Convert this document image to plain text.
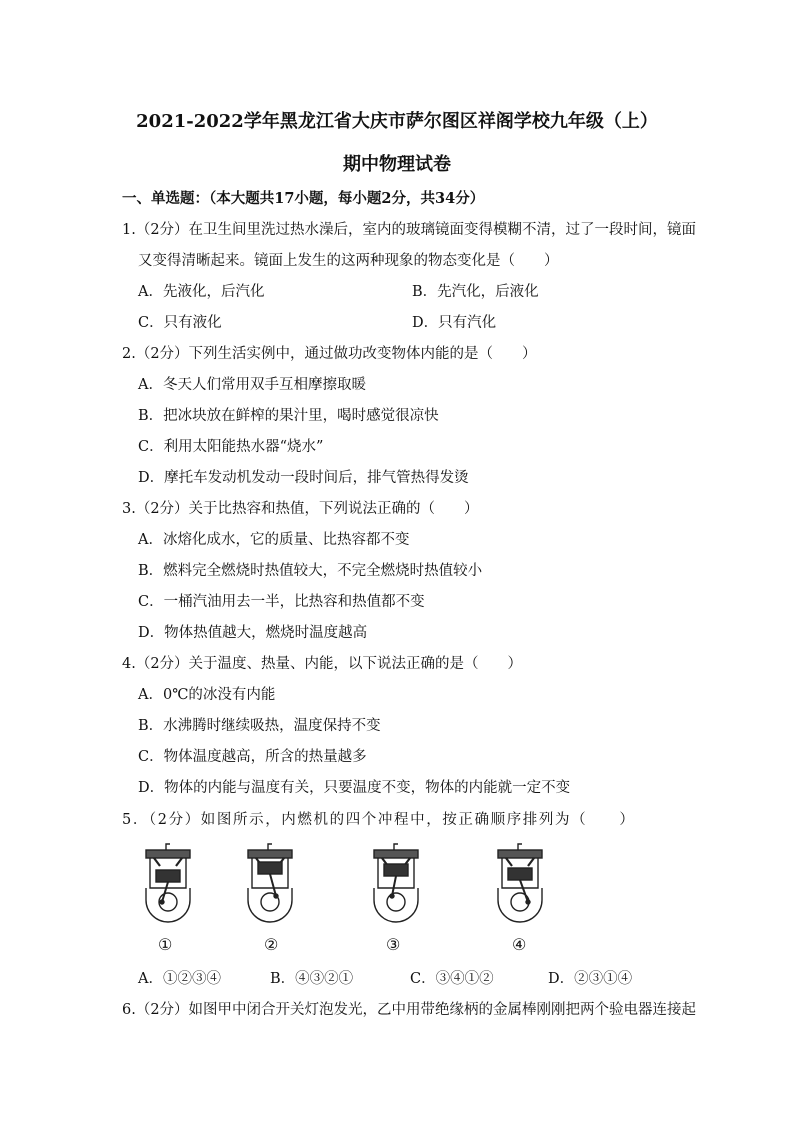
2021-2022学年黑龙江省大庆市萨尔图区祥阁学校九年级（上）
期中物理试卷
一、单选题：（本大题共17小题，每小题2分，共34分）
1.（2分）在卫生间里洗过热水澡后，室内的玻璃镜面变得模糊不清，过了一段时间，镜面
又变得清晰起来。镜面上发生的这两种现象的物态变化是（　　）
A．先液化，后汽化	B．先汽化，后液化
C．只有液化	D．只有汽化
2.（2分）下列生活实例中，通过做功改变物体内能的是（　　）
A．冬天人们常用双手互相摩擦取暖
B．把冰块放在鲜榨的果汁里，喝时感觉很凉快
C．利用太阳能热水器“烧水”
D．摩托车发动机发动一段时间后，排气管热得发烫
3.（2分）关于比热容和热值，下列说法正确的（　　）
A．冰熔化成水，它的质量、比热容都不变
B．燃料完全燃烧时热值较大，不完全燃烧时热值较小
C．一桶汽油用去一半，比热容和热值都不变
D．物体热值越大，燃烧时温度越高
4.（2分）关于温度、热量、内能，以下说法正确的是（　　）
A．0℃的冰没有内能
B．水沸腾时继续吸热，温度保持不变
C．物体温度越高，所含的热量越多
D．物体的内能与温度有关，只要温度不变，物体的内能就一定不变
5．（2分）如图所示，内燃机的四个冲程中，按正确顺序排列为（　　）
①	②	③	④
A．①②③④	B．④③②①	C．③④①②	D．②③①④
6.（2分）如图甲中闭合开关灯泡发光，乙中用带绝缘柄的金属棒刚刚把两个验电器连接起
